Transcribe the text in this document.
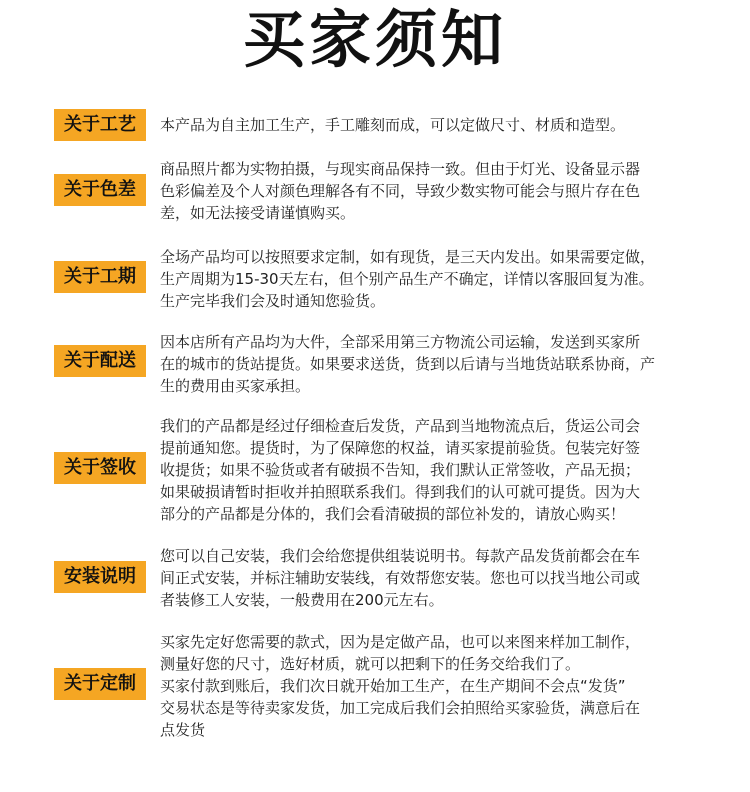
买家须知
关于工艺	本产品为自主加工生产，手工雕刻而成，可以定做尺寸、材质和造型。
关于色差
商品照片都为实物拍摄，与现实商品保持一致。但由于灯光、设备显示器
色彩偏差及个人对颜色理解各有不同，导致少数实物可能会与照片存在色
差，如无法接受请谨慎购买。
关于工期
全场产品均可以按照要求定制，如有现货，是三天内发出。如果需要定做，
生产周期为15-30天左右，但个别产品生产不确定，详情以客服回复为准。
生产完毕我们会及时通知您验货。
关于配送
因本店所有产品均为大件，全部采用第三方物流公司运输，发送到买家所
在的城市的货站提货。如果要求送货，货到以后请与当地货站联系协商，产
生的费用由买家承担。
关于签收
我们的产品都是经过仔细检查后发货，产品到当地物流点后，货运公司会
提前通知您。提货时，为了保障您的权益，请买家提前验货。包装完好签
收提货；如果不验货或者有破损不告知，我们默认正常签收，产品无损；
如果破损请暂时拒收并拍照联系我们。得到我们的认可就可提货。因为大
部分的产品都是分体的，我们会看清破损的部位补发的，请放心购买！
安装说明
您可以自己安装，我们会给您提供组装说明书。每款产品发货前都会在车
间正式安装，并标注辅助安装线，有效帮您安装。您也可以找当地公司或
者装修工人安装，一般费用在200元左右。
关于定制
买家先定好您需要的款式，因为是定做产品，也可以来图来样加工制作，
测量好您的尺寸，选好材质，就可以把剩下的任务交给我们了。
买家付款到账后，我们次日就开始加工生产，在生产期间不会点“发货”
交易状态是等待卖家发货，加工完成后我们会拍照给买家验货，满意后在
点发货
